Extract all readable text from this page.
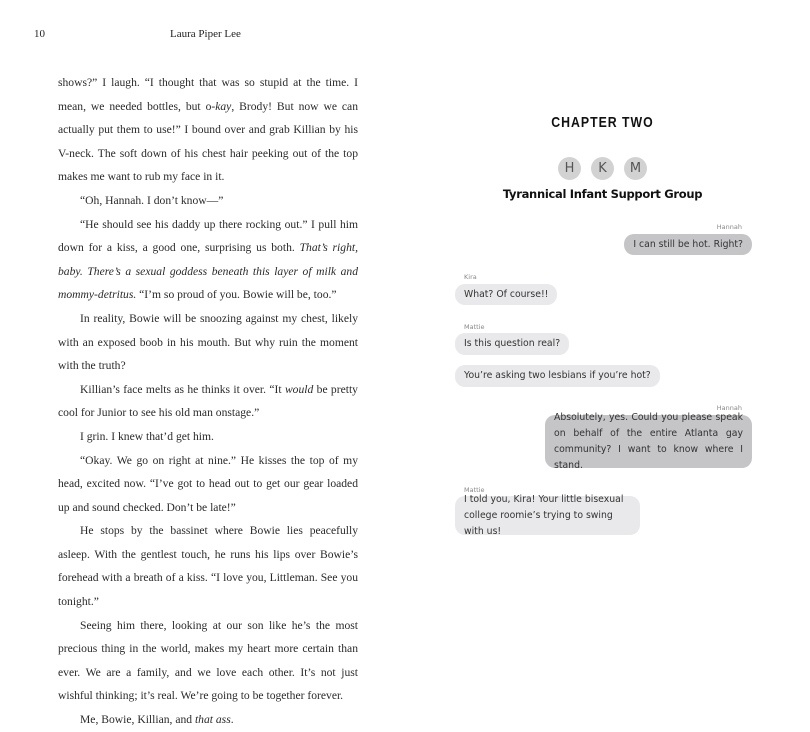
10	Laura Piper Lee

shows?” I laugh. “I thought that was so stupid at the time. I mean, we needed bottles, but o-kay, Brody! But now we can actually put them to use!” I bound over and grab Killian by his V-neck. The soft down of his chest hair peeking out of the top makes me want to rub my face in it.

“Oh, Hannah. I don’t know—”

“He should see his daddy up there rocking out.” I pull him down for a kiss, a good one, surprising us both. That’s right, baby. There’s a sexual goddess beneath this layer of milk and mommy-detritus. “I’m so proud of you. Bowie will be, too.”

In reality, Bowie will be snoozing against my chest, likely with an exposed boob in his mouth. But why ruin the moment with the truth?

Killian’s face melts as he thinks it over. “It would be pretty cool for Junior to see his old man onstage.”

I grin. I knew that’d get him.

“Okay. We go on right at nine.” He kisses the top of my head, excited now. “I’ve got to head out to get our gear loaded up and sound checked. Don’t be late!”

He stops by the bassinet where Bowie lies peacefully asleep. With the gentlest touch, he runs his lips over Bowie’s forehead with a breath of a kiss. “I love you, Littleman. See you tonight.”

Seeing him there, looking at our son like he’s the most precious thing in the world, makes my heart more certain than ever. We are a family, and we love each other. It’s not just wishful thinking; it’s real. We’re going to be together forever.

Me, Bowie, Killian, and that ass.

CHAPTER TWO
H	K	M
Tyrannical Infant Support Group
Hannah
I can still be hot. Right?
Kira
What? Of course!!
Mattie
Is this question real?
You’re asking two lesbians if you’re hot?
Hannah
Absolutely, yes. Could you please speak on behalf of the entire Atlanta gay community? I want to know where I stand.
Mattie
I told you, Kira! Your little bisexual college roomie’s trying to swing with us!
